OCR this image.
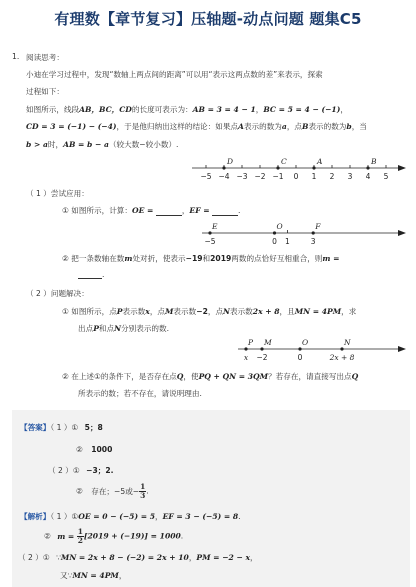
有理数【章节复习】压轴题-动点问题 题集C5
1. 阅读思考：
小迪在学习过程中，发现“数轴上两点间的距离”可以用“表示这两点数的差”来表示，探索
过程如下：
如图所示，线段AB，BC，CD的长度可表示为：AB = 3 = 4 − 1，BC = 5 = 4 − (−1)，
CD = 3 = (−1) − (−4)，于是他归纳出这样的结论：如果点A表示的数为a，点B表示的数为b，当
b > a时，AB = b − a（较大数−较小数）.
−5 −4 −3 −2 −1 0 1 2 3 4 5
D	C	A	B
（ 1 ）尝试应用：
① 如图所示，计算：OE =	，EF =	.
E
−5
O
0 1
F
3
② 把一条数轴在数m处对折，使表示−19和2019两数的点恰好互相重合，则m =
.
（ 2 ）问题解决：
① 如图所示，点P表示数x，点M表示数−2，点N表示数2x + 8，且MN = 4PM，求
出点P和点N分别表示的数.
P
x
M
−2
O
0
N
2x + 8
② 在上述①的条件下，是否存在点Q，使PQ + QN = 3QM？若存在，请直接写出点Q
所表示的数；若不存在，请说明理由.
【答案】（ 1 ）① 5；8
② 1000
（ 2 ）① −3；2.
② 存在；−5或− $\frac{1}{3}$ .
【解析】（ 1 ）①OE = 0 − (−5) = 5，EF = 3 − (−5) = 8.
② $m = \frac{1}{2} [2019 + (-19)] = 1000$.
（ 2 ）① ∵MN = 2x + 8 − (−2) = 2x + 10，PM = −2 − x，
又∵MN = 4PM，
